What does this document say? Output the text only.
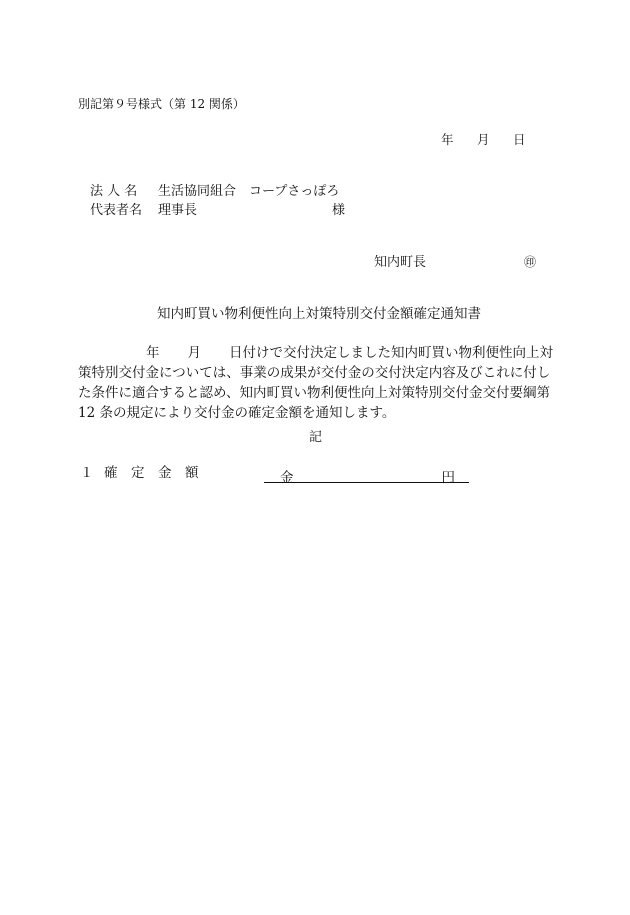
別記第９号様式（第 12 関係）
年 月 日
法 人 名 生活協同組合　コープさっぽろ
代表者名 理事長	様
知内町長	㊞
知内町買い物利便性向上対策特別交付金額確定通知書
年 月 日付けで交付決定しました知内町買い物利便性向上対
策特別交付金については、事業の成果が交付金の交付決定内容及びこれに付し
た条件に適合すると認め、知内町買い物利便性向上対策特別交付金交付要綱第
12 条の規定により交付金の確定金額を通知します。
記
１ 確　定　金　額	金	円
